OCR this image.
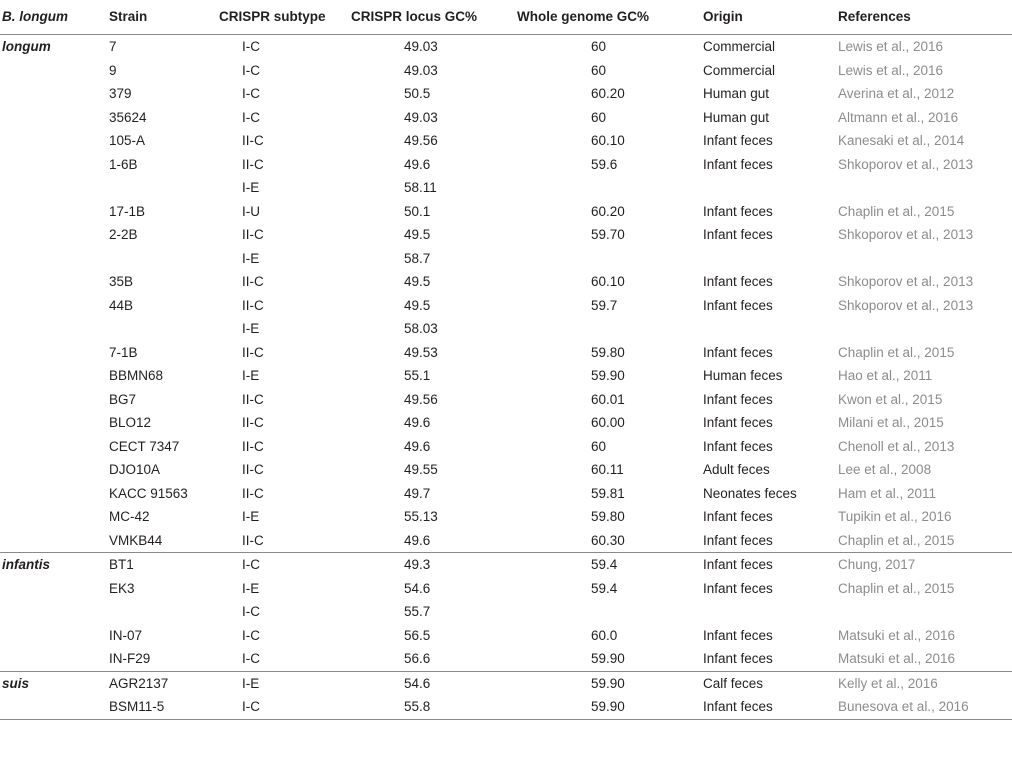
B. longum	Strain	CRISPR subtype	CRISPR locus GC%	Whole genome GC%	Origin	References
longum	7	I-C	49.03	60	Commercial	Lewis et al., 2016
	9	I-C	49.03	60	Commercial	Lewis et al., 2016
	379	I-C	50.5	60.20	Human gut	Averina et al., 2012
	35624	I-C	49.03	60	Human gut	Altmann et al., 2016
	105-A	II-C	49.56	60.10	Infant feces	Kanesaki et al., 2014
	1-6B	II-C	49.6	59.6	Infant feces	Shkoporov et al., 2013
		I-E	58.11			
	17-1B	I-U	50.1	60.20	Infant feces	Chaplin et al., 2015
	2-2B	II-C	49.5	59.70	Infant feces	Shkoporov et al., 2013
		I-E	58.7			
	35B	II-C	49.5	60.10	Infant feces	Shkoporov et al., 2013
	44B	II-C	49.5	59.7	Infant feces	Shkoporov et al., 2013
		I-E	58.03			
	7-1B	II-C	49.53	59.80	Infant feces	Chaplin et al., 2015
	BBMN68	I-E	55.1	59.90	Human feces	Hao et al., 2011
	BG7	II-C	49.56	60.01	Infant feces	Kwon et al., 2015
	BLO12	II-C	49.6	60.00	Infant feces	Milani et al., 2015
	CECT 7347	II-C	49.6	60	Infant feces	Chenoll et al., 2013
	DJO10A	II-C	49.55	60.11	Adult feces	Lee et al., 2008
	KACC 91563	II-C	49.7	59.81	Neonates feces	Ham et al., 2011
	MC-42	I-E	55.13	59.80	Infant feces	Tupikin et al., 2016
	VMKB44	II-C	49.6	60.30	Infant feces	Chaplin et al., 2015
infantis	BT1	I-C	49.3	59.4	Infant feces	Chung, 2017
	EK3	I-E	54.6	59.4	Infant feces	Chaplin et al., 2015
		I-C	55.7			
	IN-07	I-C	56.5	60.0	Infant feces	Matsuki et al., 2016
	IN-F29	I-C	56.6	59.90	Infant feces	Matsuki et al., 2016
suis	AGR2137	I-E	54.6	59.90	Calf feces	Kelly et al., 2016
	BSM11-5	I-C	55.8	59.90	Infant feces	Bunesova et al., 2016
